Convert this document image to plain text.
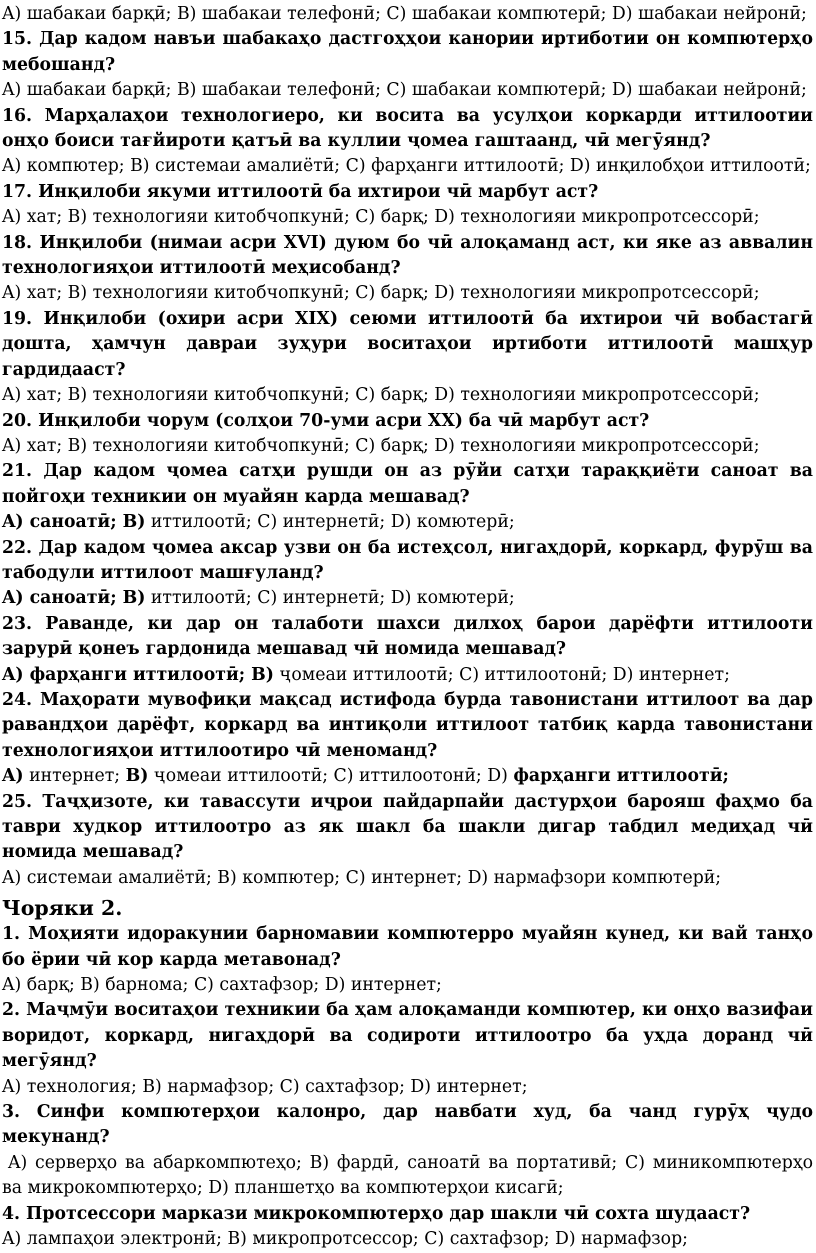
A) шабакаи барқӣ; B) шабакаи телефонӣ; C) шабакаи компютерӣ; D) шабакаи нейронӣ;

15. Дар кадом навъи шабакаҳо дастгоҳҳои канории иртиботии он компютерҳо мебошанд?

A) шабакаи барқӣ; B) шабакаи телефонӣ; C) шабакаи компютерӣ; D) шабакаи нейронӣ;

16. Марҳалаҳои технологиеро, ки восита ва усулҳои коркарди иттилоотии онҳо боиси тағйироти қатъӣ ва куллии ҷомеа гаштаанд, чӣ мегӯянд?

A) компютер; B) системаи амалиётӣ; C) фарҳанги иттилоотӣ; D) инқилобҳои иттилоотӣ;

17. Инқилоби якуми иттилоотӣ ба ихтирои чӣ марбут аст?

A) хат; B) технологияи китобчопкунӣ; C) барқ; D) технологияи микропротсессорӣ;

18. Инқилоби (нимаи асри XVI) дуюм бо чӣ алоқаманд аст, ки яке аз аввалин технологияҳои иттилоотӣ меҳисобанд?

A) хат; B) технологияи китобчопкунӣ; C) барқ; D) технологияи микропротсессорӣ;

19. Инқилоби (охири асри XIX) сеюми иттилоотӣ ба ихтирои чӣ вобастагӣ дошта, ҳамчун давраи зуҳури воситаҳои иртиботи иттилоотӣ машҳур гардидааст?

A) хат; B) технологияи китобчопкунӣ; C) барқ; D) технологияи микропротсессорӣ;

20. Инқилоби чорум (солҳои 70-уми асри XX) ба чӣ марбут аст?

A) хат; B) технологияи китобчопкунӣ; C) барқ; D) технологияи микропротсессорӣ;

21. Дар кадом ҷомеа сатҳи рушди он аз рӯйи сатҳи тараққиёти саноат ва пойгоҳи техникии он муайян карда мешавад?

A) саноатӣ; B) иттилоотӣ; C) интернетӣ; D) комютерӣ;

22. Дар кадом ҷомеа аксар узви он ба истеҳсол, нигаҳдорӣ, коркард, фурӯш ва табодули иттилоот машғуланд?

A) саноатӣ; B) иттилоотӣ; C) интернетӣ; D) комютерӣ;

23. Раванде, ки дар он талаботи шахси дилхоҳ барои дарёфти иттилооти зарурӣ қонеъ гардонида мешавад чӣ номида мешавад?

A) фарҳанги иттилоотӣ; B) ҷомеаи иттилоотӣ; C) иттилоотонӣ; D) интернет;

24. Маҳорати мувофиқи мақсад истифода бурда тавонистани иттилоот ва дар равандҳои дарёфт, коркард ва интиқоли иттилоот татбиқ карда тавонистани технологияҳои иттилоотиро чӣ меноманд?

A) интернет; B) ҷомеаи иттилоотӣ; C) иттилоотонӣ; D) фарҳанги иттилоотӣ;

25. Таҷҳизоте, ки тавассути иҷрои пайдарпайи дастурҳои барояш фаҳмо ба таври худкор иттилоотро аз як шакл ба шакли дигар табдил медиҳад чӣ номида мешавад?

A) системаи амалиётӣ; B) компютер; C) интернет; D) нармафзори компютерӣ;

Чоряки 2.

1. Моҳияти идоракунии барномавии компютерро муайян кунед, ки вай танҳо бо ёрии чӣ кор карда метавонад?

A) барқ; B) барнома; C) сахтафзор; D) интернет;

2. Маҷмӯи воситаҳои техникии ба ҳам алоқаманди компютер, ки онҳо вазифаи воридот, коркард, нигаҳдорӣ ва содироти иттилоотро ба уҳда доранд чӣ мегӯянд?

A) технология; B) нармафзор; C) сахтафзор; D) интернет;

3. Синфи компютерҳои калонро, дар навбати худ, ба чанд гурӯҳ ҷудо мекунанд?

A) серверҳо ва абаркомпютеҳо; B) фардӣ, саноатӣ ва портативӣ; C) миникомпютерҳо ва микрокомпютерҳо; D) планшетҳо ва компютерҳои кисагӣ;

4. Протсессори маркази микрокомпютерҳо дар шакли чӣ сохта шудааст?

A) лампаҳои электронӣ; B) микропротсессор; C) сахтафзор; D) нармафзор;
